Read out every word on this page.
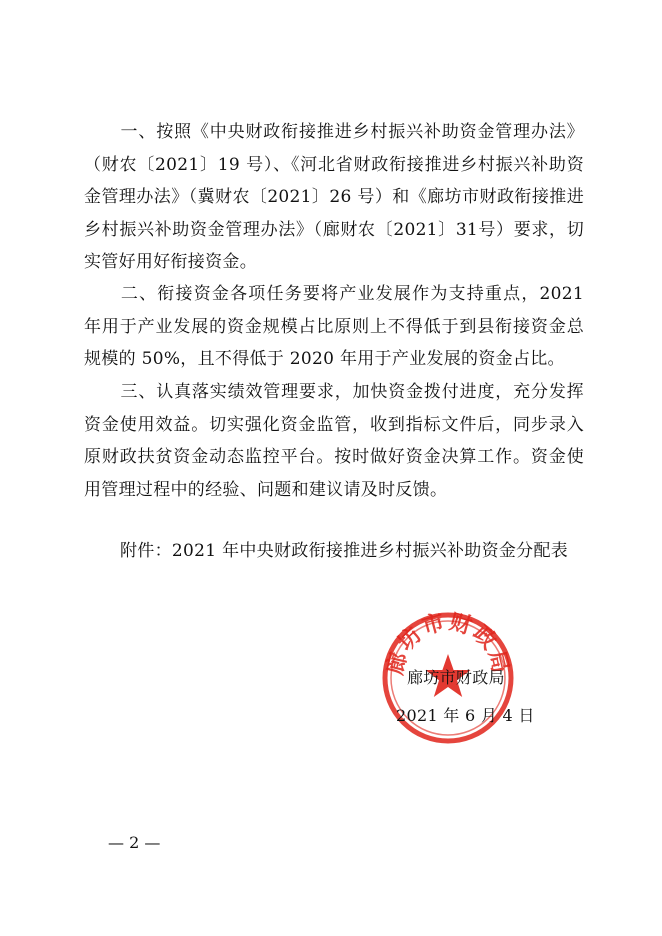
一、按照《中央财政衔接推进乡村振兴补助资金管理办法》（财农〔2021〕19 号）、《河北省财政衔接推进乡村振兴补助资金管理办法》（冀财农〔2021〕26 号）和《廊坊市财政衔接推进乡村振兴补助资金管理办法》（廊财农〔2021〕31号）要求，切实管好用好衔接资金。

二、衔接资金各项任务要将产业发展作为支持重点，2021 年用于产业发展的资金规模占比原则上不得低于到县衔接资金总规模的 50%，且不得低于 2020 年用于产业发展的资金占比。

三、认真落实绩效管理要求，加快资金拨付进度，充分发挥资金使用效益。切实强化资金监管，收到指标文件后，同步录入原财政扶贫资金动态监控平台。按时做好资金决算工作。资金使用管理过程中的经验、问题和建议请及时反馈。

附件：2021 年中央财政衔接推进乡村振兴补助资金分配表
廊坊市财政局
廊坊市财政局
2021 年 6 月 4 日
— 2 —
